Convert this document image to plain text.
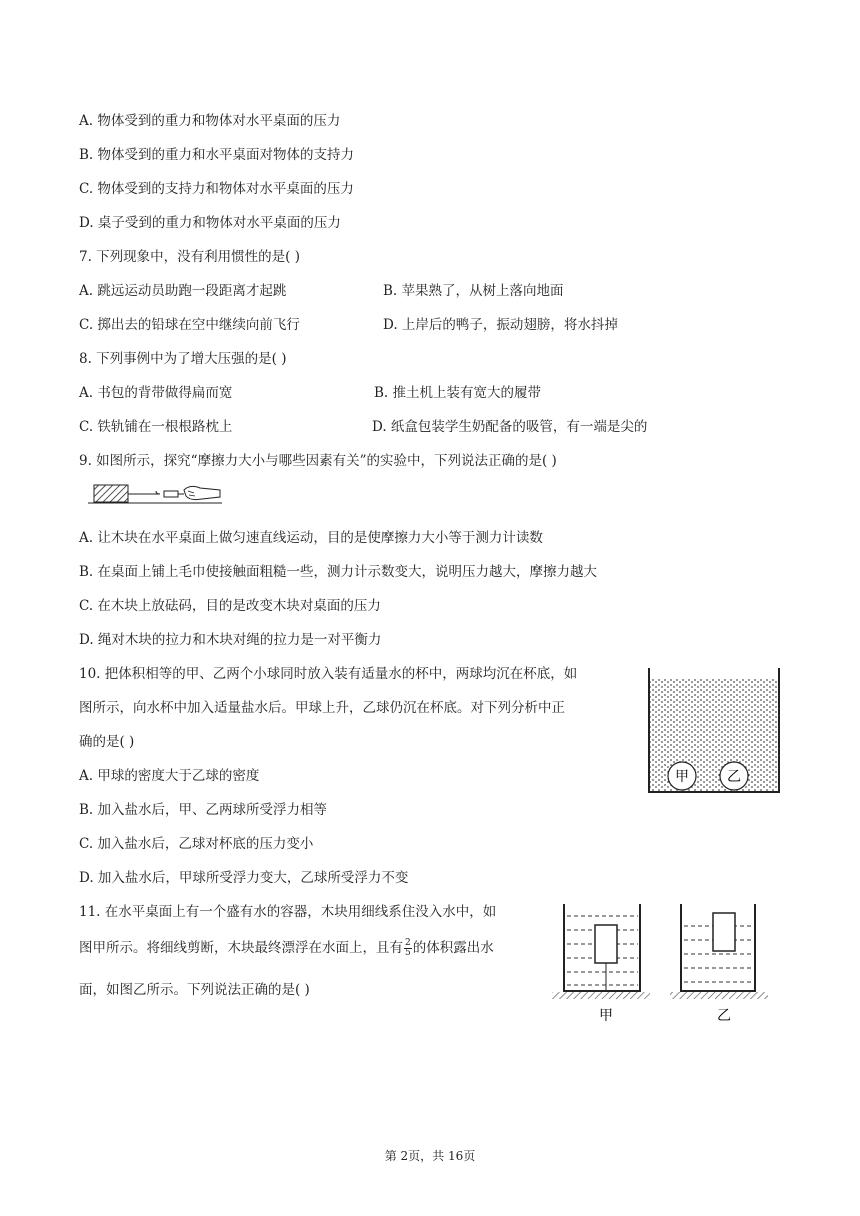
A. 物体受到的重力和物体对水平桌面的压力
B. 物体受到的重力和水平桌面对物体的支持力
C. 物体受到的支持力和物体对水平桌面的压力
D. 桌子受到的重力和物体对水平桌面的压力
7. 下列现象中，没有利用惯性的是( )
A. 跳远运动员助跑一段距离才起跳	B. 苹果熟了，从树上落向地面
C. 掷出去的铅球在空中继续向前飞行	D. 上岸后的鸭子，振动翅膀，将水抖掉
8. 下列事例中为了增大压强的是( )
A. 书包的背带做得扁而宽	B. 推土机上装有宽大的履带
C. 铁轨铺在一根根路枕上	D. 纸盒包装学生奶配备的吸管，有一端是尖的
9. 如图所示，探究“摩擦力大小与哪些因素有关”的实验中，下列说法正确的是( )
A. 让木块在水平桌面上做匀速直线运动，目的是使摩擦力大小等于测力计读数
B. 在桌面上铺上毛巾使接触面粗糙一些，测力计示数变大，说明压力越大，摩擦力越大
C. 在木块上放砝码，目的是改变木块对桌面的压力
D. 绳对木块的拉力和木块对绳的拉力是一对平衡力
10. 把体积相等的甲、乙两个小球同时放入装有适量水的杯中，两球均沉在杯底，如
图所示，向水杯中加入适量盐水后。甲球上升，乙球仍沉在杯底。对下列分析中正
确的是( )
A. 甲球的密度大于乙球的密度
B. 加入盐水后，甲、乙两球所受浮力相等
C. 加入盐水后，乙球对杯底的压力变小
D. 加入盐水后，甲球所受浮力变大，乙球所受浮力不变
甲	乙
11. 在水平桌面上有一个盛有水的容器，木块用细线系住没入水中，如
图甲所示。将细线剪断，木块最终漂浮在水面上，且有 $\frac{2}{5}$ 的体积露出水
面，如图乙所示。下列说法正确的是( )
甲	乙
第 2页，共 16页
